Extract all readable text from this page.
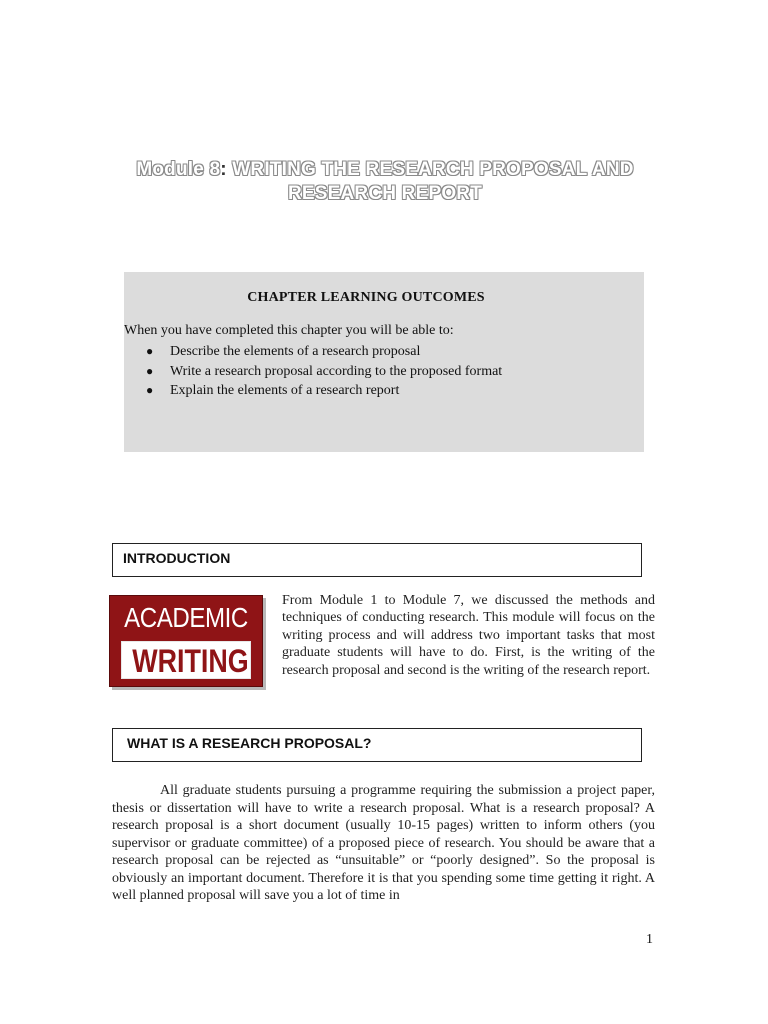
Module 8: WRITING THE RESEARCH PROPOSAL AND
RESEARCH REPORT
CHAPTER LEARNING OUTCOMES
When you have completed this chapter you will be able to:
● Describe the elements of a research proposal
● Write a research proposal according to the proposed format
● Explain the elements of a research report
INTRODUCTION
ACADEMIC
WRITING

From Module 1 to Module 7, we discussed the methods and techniques of conducting research. This module will focus on the writing process and will address two important tasks that most graduate students will have to do. First, is the writing of the research proposal and second is the writing of the research report.

WHAT IS A RESEARCH PROPOSAL?

All graduate students pursuing a programme requiring the submission a project paper, thesis or dissertation will have to write a research proposal. What is a research proposal? A research proposal is a short document (usually 10-15 pages) written to inform others (you supervisor or graduate committee) of a proposed piece of research. You should be aware that a research proposal can be rejected as “unsuitable” or “poorly designed”. So the proposal is obviously an important document. Therefore it is that you spending some time getting it right. A well planned proposal will save you a lot of time in

1
